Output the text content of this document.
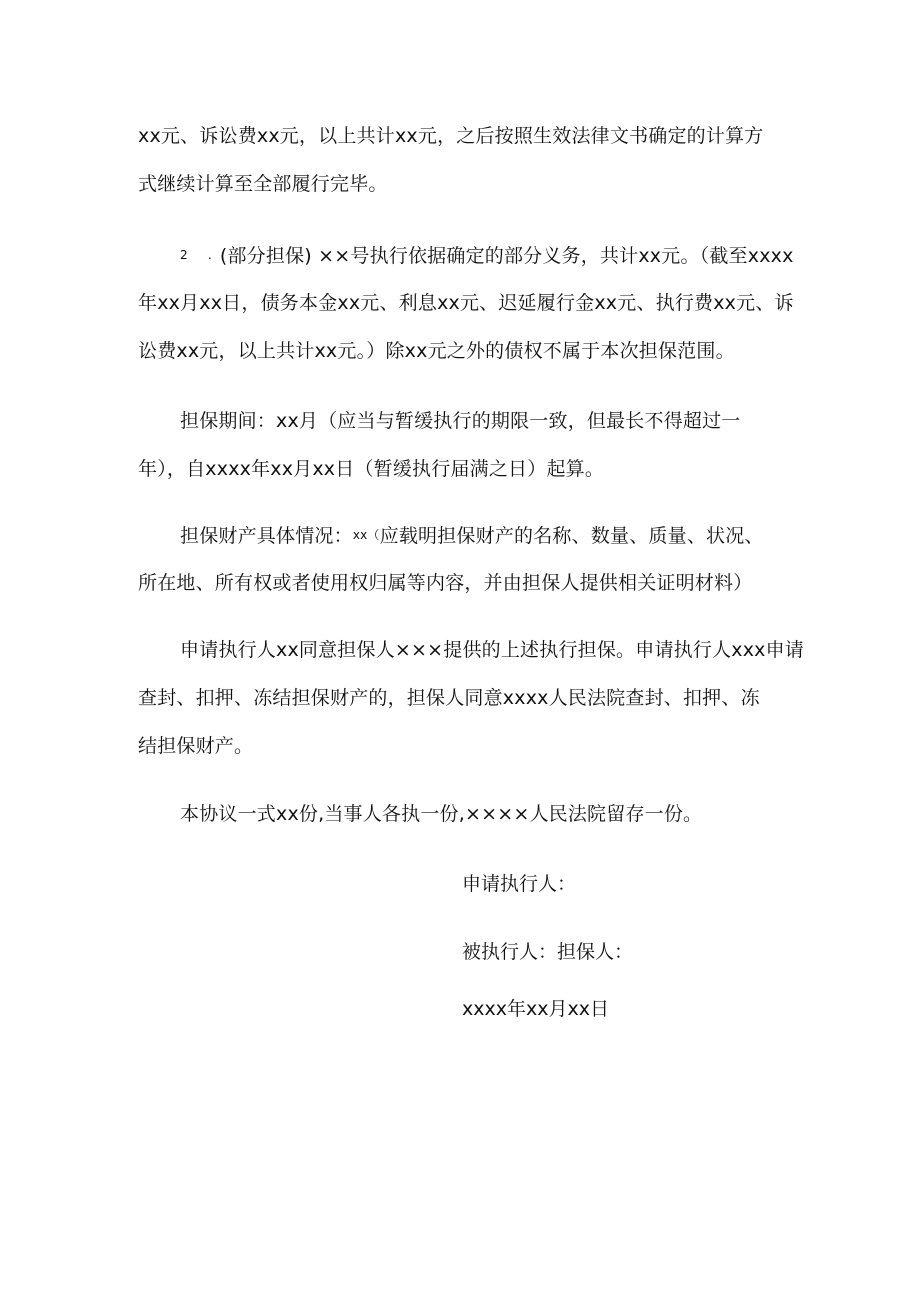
xx元、诉讼费xx元，以上共计xx元，之后按照生效法律文书确定的计算方
式继续计算至全部履行完毕。
2 . (部分担保) ××号执行依据确定的部分义务，共计xx元。（截至xxxx
年xx月xx日，债务本金xx元、利息xx元、迟延履行金xx元、执行费xx元、诉
讼费xx元，以上共计xx元。）除xx元之外的债权不属于本次担保范围。
担保期间：xx月（应当与暂缓执行的期限一致，但最长不得超过一
年），自xxxx年xx月xx日（暂缓执行届满之日）起算。
担保财产具体情况：xx（应载明担保财产的名称、数量、质量、状况、
所在地、所有权或者使用权归属等内容，并由担保人提供相关证明材料）
申请执行人xx同意担保人×××提供的上述执行担保。申请执行人xxx申请
查封、扣押、冻结担保财产的，担保人同意xxxx人民法院查封、扣押、冻
结担保财产。
本协议一式xx份,当事人各执一份,××××人民法院留存一份。
申请执行人：
被执行人：担保人：
xxxx年xx月xx日
